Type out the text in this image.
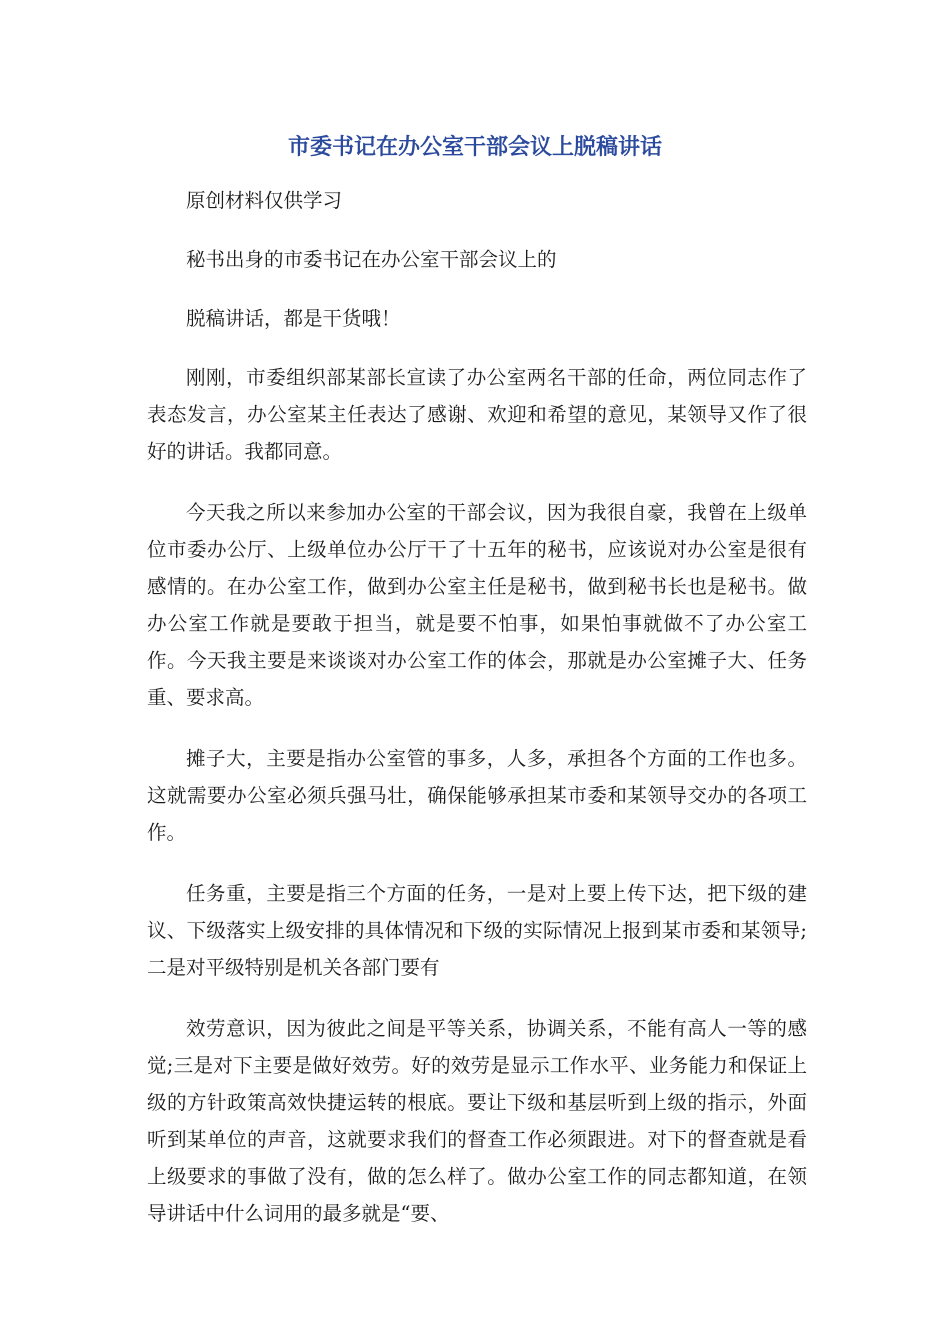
市委书记在办公室干部会议上脱稿讲话

原创材料仅供学习

秘书出身的市委书记在办公室干部会议上的

脱稿讲话，都是干货哦！

刚刚，市委组织部某部长宣读了办公室两名干部的任命，两位同志作了表态发言，办公室某主任表达了感谢、欢迎和希望的意见，某领导又作了很好的讲话。我都同意。

今天我之所以来参加办公室的干部会议，因为我很自豪，我曾在上级单位市委办公厅、上级单位办公厅干了十五年的秘书，应该说对办公室是很有感情的。在办公室工作，做到办公室主任是秘书，做到秘书长也是秘书。做办公室工作就是要敢于担当，就是要不怕事，如果怕事就做不了办公室工作。今天我主要是来谈谈对办公室工作的体会，那就是办公室摊子大、任务重、要求高。

摊子大，主要是指办公室管的事多，人多，承担各个方面的工作也多。这就需要办公室必须兵强马壮，确保能够承担某市委和某领导交办的各项工作。

任务重，主要是指三个方面的任务，一是对上要上传下达，把下级的建议、下级落实上级安排的具体情况和下级的实际情况上报到某市委和某领导;二是对平级特别是机关各部门要有

效劳意识，因为彼此之间是平等关系，协调关系，不能有高人一等的感觉;三是对下主要是做好效劳。好的效劳是显示工作水平、业务能力和保证上级的方针政策高效快捷运转的根底。要让下级和基层听到上级的指示，外面听到某单位的声音，这就要求我们的督查工作必须跟进。对下的督查就是看上级要求的事做了没有，做的怎么样了。做办公室工作的同志都知道，在领导讲话中什么词用的最多就是“要、
